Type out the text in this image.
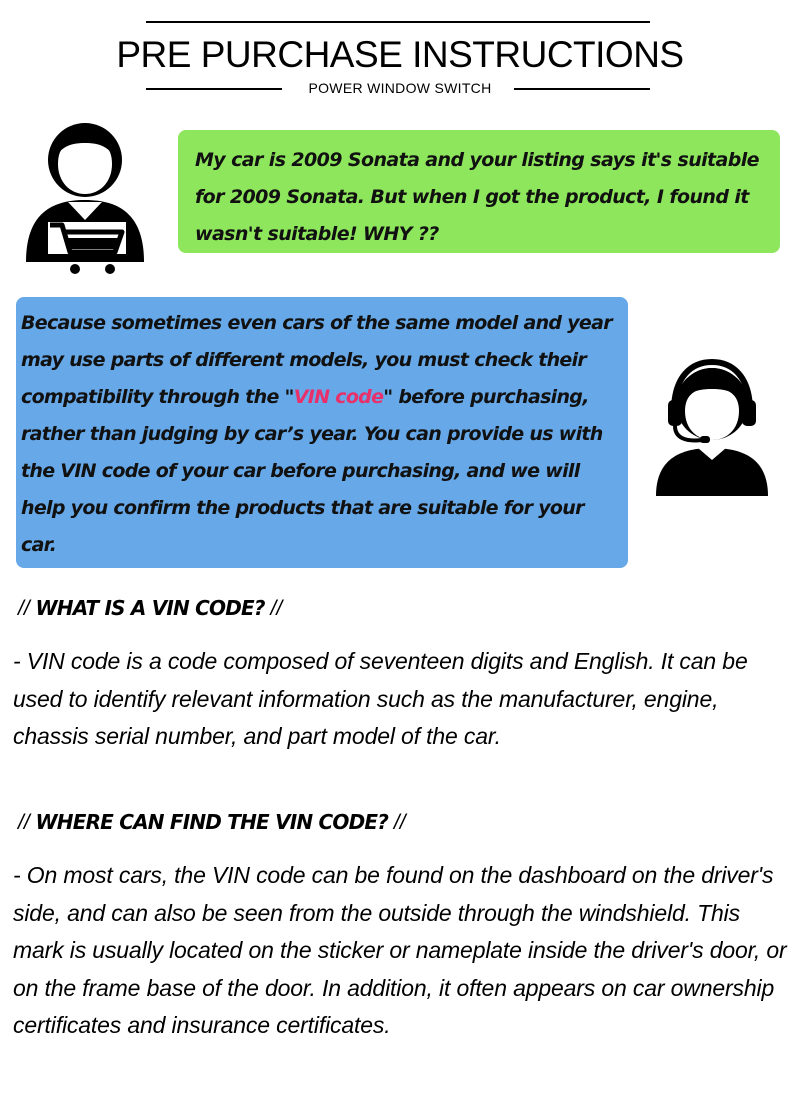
PRE PURCHASE INSTRUCTIONS
POWER WINDOW SWITCH
My car is 2009 Sonata and your listing says it's suitable for 2009 Sonata. But when I got the product, I found it wasn't suitable! WHY ??
Because sometimes even cars of the same model and year may use parts of different models, you must check their compatibility through the "VIN code" before purchasing, rather than judging by car’s year. You can provide us with the VIN code of your car before purchasing, and we will help you confirm the products that are suitable for your car.
// WHAT IS A VIN CODE? //
- VIN code is a code composed of seventeen digits and English. It can be used to identify relevant information such as the manufacturer, engine, chassis serial number, and part model of the car.
// WHERE CAN FIND THE VIN CODE? //
- On most cars, the VIN code can be found on the dashboard on the driver's side, and can also be seen from the outside through the windshield. This mark is usually located on the sticker or nameplate inside the driver's door, or on the frame base of the door. In addition, it often appears on car ownership certificates and insurance certificates.
